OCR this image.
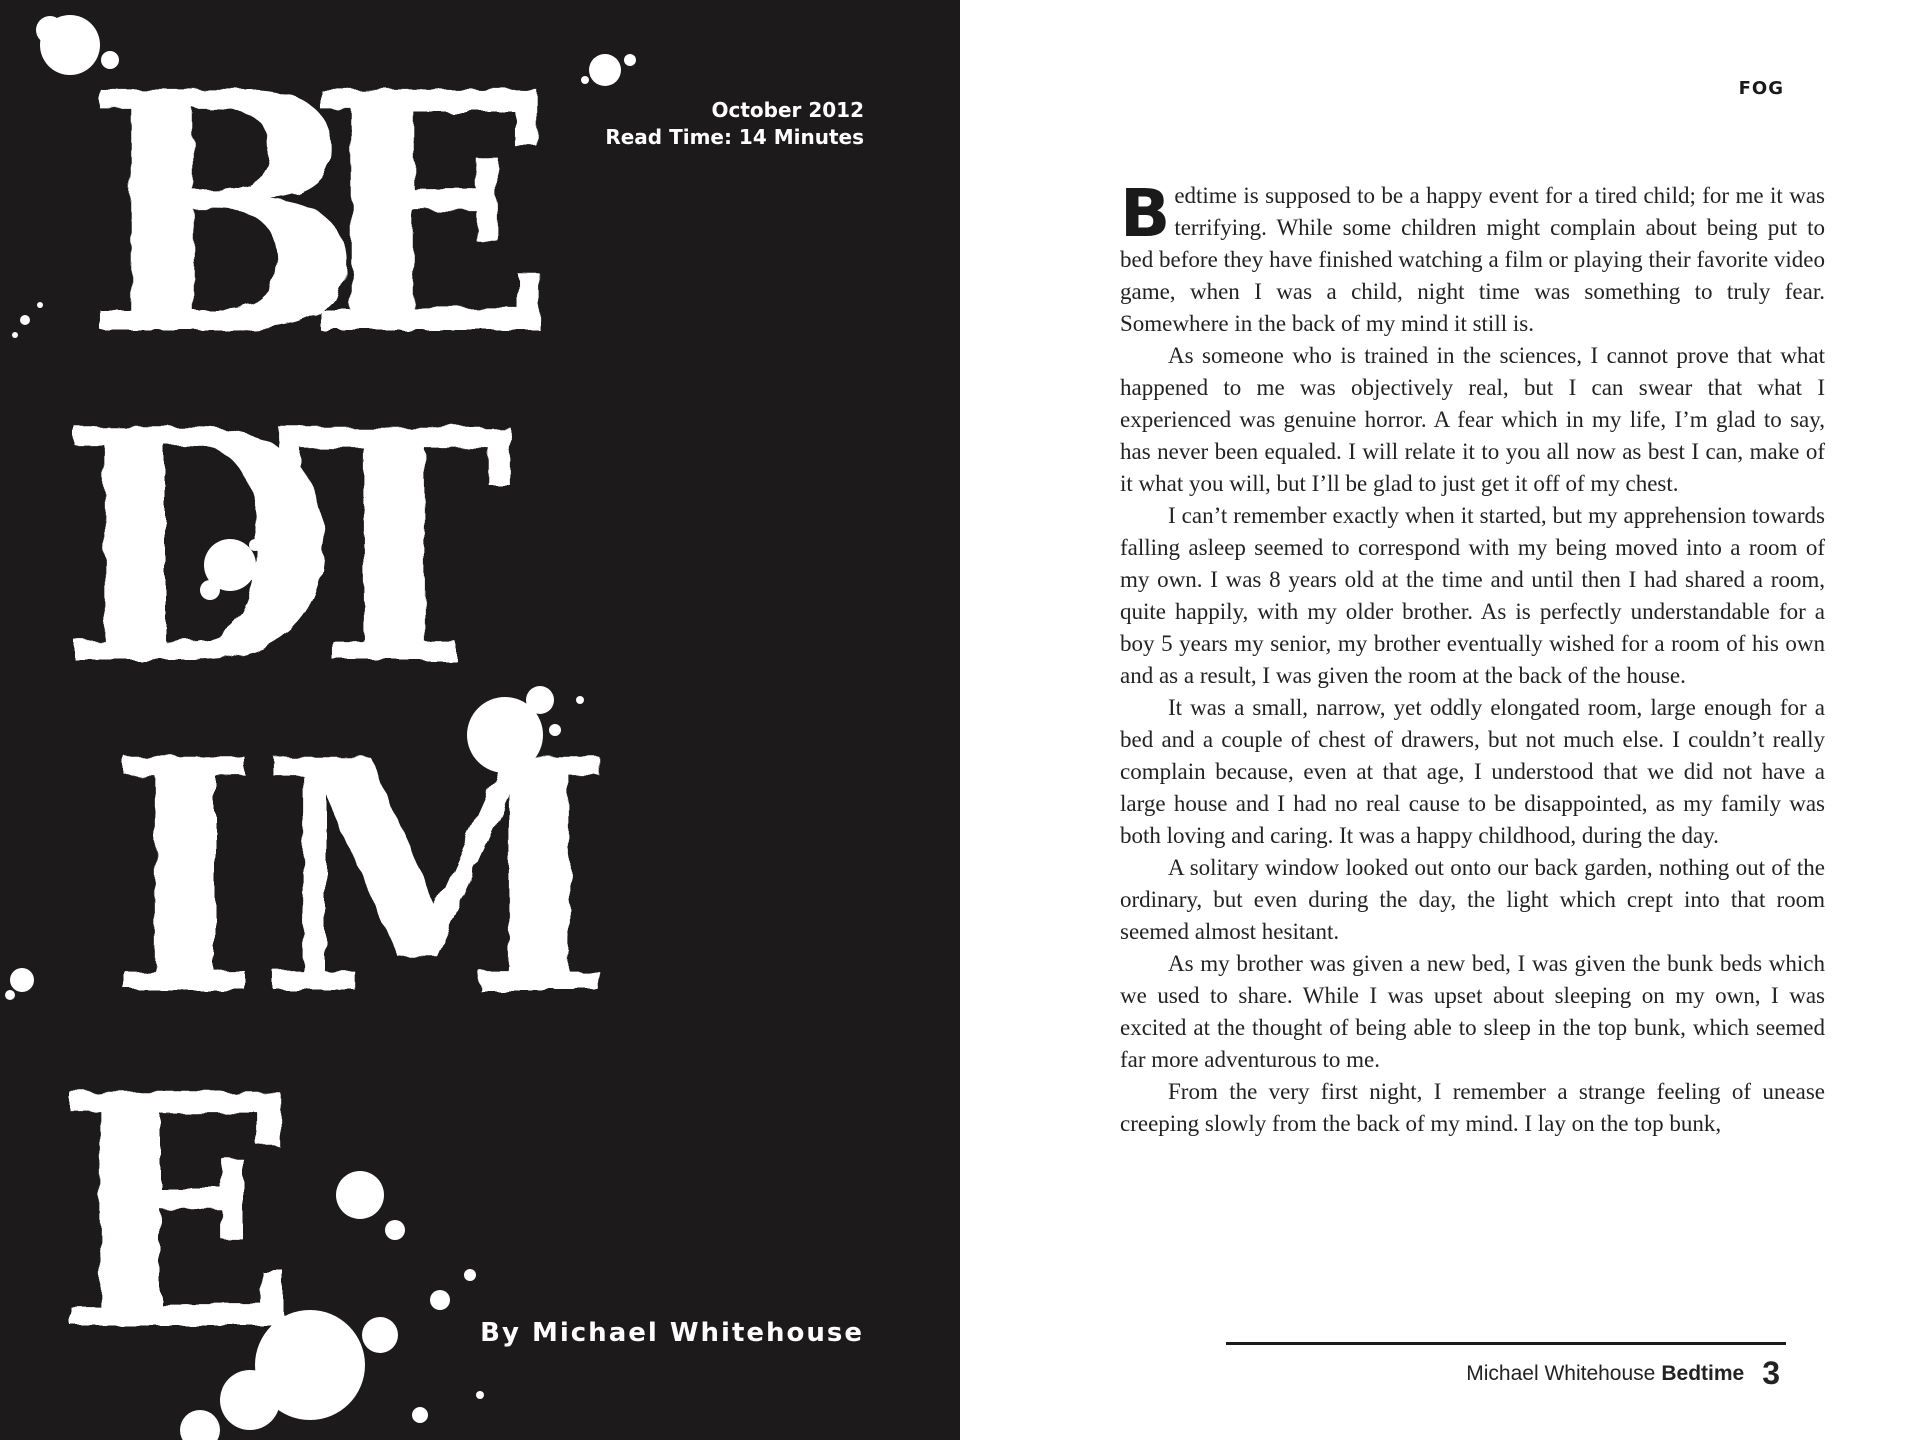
B
E
D
T
I M
E
October 2012
Read Time: 14 Minutes
By Michael Whitehouse
FOG

Bedtime is supposed to be a happy event for a tired child; for me it was terrifying. While some children might complain about being put to bed before they have finished watching a film or playing their favorite video game, when I was a child, night time was something to truly fear. Somewhere in the back of my mind it still is.

As someone who is trained in the sciences, I cannot prove that what happened to me was objectively real, but I can swear that what I experienced was genuine horror. A fear which in my life, I’m glad to say, has never been equaled. I will relate it to you all now as best I can, make of it what you will, but I’ll be glad to just get it off of my chest.

I can’t remember exactly when it started, but my apprehension towards falling asleep seemed to correspond with my being moved into a room of my own. I was 8 years old at the time and until then I had shared a room, quite happily, with my older brother. As is perfectly understandable for a boy 5 years my senior, my brother eventually wished for a room of his own and as a result, I was given the room at the back of the house.

It was a small, narrow, yet oddly elongated room, large enough for a bed and a couple of chest of drawers, but not much else. I couldn’t really complain because, even at that age, I understood that we did not have a large house and I had no real cause to be disappointed, as my family was both loving and caring. It was a happy childhood, during the day.

A solitary window looked out onto our back garden, nothing out of the ordinary, but even during the day, the light which crept into that room seemed almost hesitant.

As my brother was given a new bed, I was given the bunk beds which we used to share. While I was upset about sleeping on my own, I was excited at the thought of being able to sleep in the top bunk, which seemed far more adventurous to me.

From the very first night, I remember a strange feeling of unease creeping slowly from the back of my mind. I lay on the top bunk,

Michael Whitehouse Bedtime 3
